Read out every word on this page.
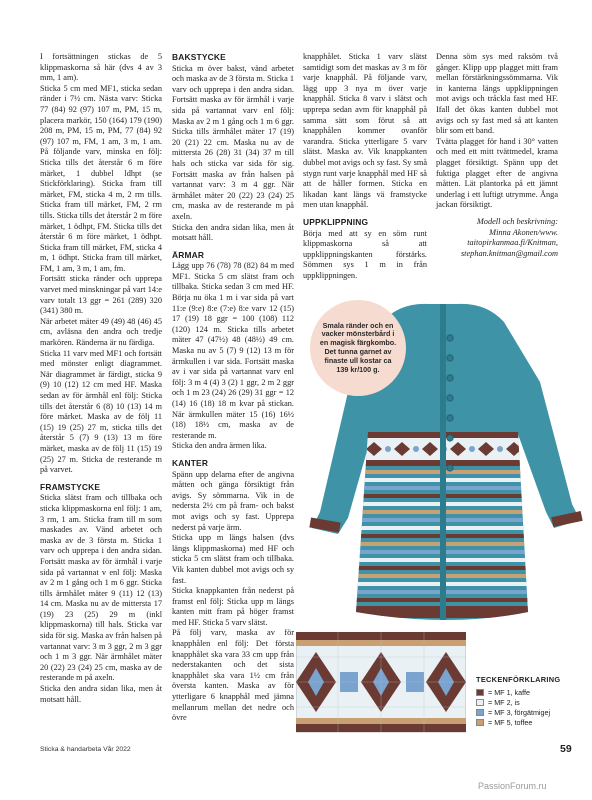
I fortsättningen stickas de 5 klippmaskorna så här (dvs 4 av 3 mm, 1 am).

Sticka 5 cm med MF1, sticka sedan ränder i 7½ cm. Nästa varv: Sticka 77 (84) 92 (97) 107 m, PM, 15 m, placera markör, 150 (164) 179 (190) 208 m, PM, 15 m, PM, 77 (84) 92 (97) 107 m, FM, 1 am, 3 m, 1 am. På följande varv, minska en följ: Sticka tills det återstår 6 m före märket, 1 dubbel ldhpt (se Stickförklaring). Sticka fram till märket, FM, sticka 4 m, 2 rm tills. Sticka fram till märket, FM, 2 rm tills. Sticka tills det återstår 2 m före märket, 1 ödhpt, FM. Sticka tills det återstår 6 m före märket, 1 ödhpt. Sticka fram till märket, FM, sticka 4 m, 1 ödhpt. Sticka fram till märket, FM, 1 am, 3 m, 1 am, fm.

Fortsätt sticka ränder och upprepa varvet med minskningar på vart 14:e varv totalt 13 ggr = 261 (289) 320 (341) 380 m.

När arbetet mäter 49 (49) 48 (46) 45 cm, avläsna den andra och tredje markören. Ränderna är nu färdiga.

Sticka 11 varv med MF1 och fortsätt med mönster enligt diagrammet. När diagrammet är färdigt, sticka 9 (9) 10 (12) 12 cm med HF. Maska sedan av för ärmhål enl följ: Sticka tills det återstår 6 (8) 10 (13) 14 m före märket. Maska av de följ 11 (15) 19 (25) 27 m, sticka tills det återstår 5 (7) 9 (13) 13 m före märket, maska av de följ 11 (15) 19 (25) 27 m. Sticka de resterande m på varvet.

FRAMSTYCKE

Sticka slätst fram och tillbaka och sticka klippmaskorna enl följ: 1 am, 3 rm, 1 am. Sticka fram till m som maskades av. Vänd arbetet och maska av de 3 första m. Sticka 1 varv och upprepa i den andra sidan. Fortsätt maska av för ärmhål i varje sida på vartannat v enl följ: Maska av 2 m 1 gång och 1 m 6 ggr. Sticka tills ärmhålet mäter 9 (11) 12 (13) 14 cm. Maska nu av de mittersta 17 (19) 23 (25) 29 m (inkl klippmaskorna) till hals. Sticka var sida för sig. Maska av från halsen på vartannat varv: 3 m 3 ggr, 2 m 3 ggr och 1 m 3 ggr. När ärmhålet mäter 20 (22) 23 (24) 25 cm, maska av de resterande m på axeln.

Sticka den andra sidan lika, men åt motsatt håll.

BAKSTYCKE

Sticka m över bakst, vänd arbetet och maska av de 3 första m. Sticka 1 varv och upprepa i den andra sidan. Fortsätt maska av för ärmhål i varje sida på vartannat varv enl följ: Maska av 2 m 1 gång och 1 m 6 ggr. Sticka tills ärmhålet mäter 17 (19) 20 (21) 22 cm. Maska nu av de mittersta 26 (28) 31 (34) 37 m till hals och sticka var sida för sig. Fortsätt maska av från halsen på vartannat varv: 3 m 4 ggr. När ärmhålet mäter 20 (22) 23 (24) 25 cm, maska av de resterande m på axeln.

Sticka den andra sidan lika, men åt motsatt håll.

ÄRMAR

Lägg upp 76 (78) 78 (82) 84 m med MF1. Sticka 5 cm slätst fram och tillbaka. Sticka sedan 3 cm med HF. Börja nu öka 1 m i var sida på vart 11:e (9:e) 8:e (7:e) 8:e varv 12 (15) 17 (19) 18 ggr = 100 (108) 112 (120) 124 m. Sticka tills arbetet mäter 47 (47½) 48 (48½) 49 cm. Maska nu av 5 (7) 9 (12) 13 m för ärmkullen i var sida. Fortsätt maska av i var sida på vartannat varv enl följ: 3 m 4 (4) 3 (2) 1 ggr, 2 m 2 ggr och 1 m 23 (24) 26 (29) 31 ggr = 12 (14) 16 (18) 18 m kvar på stickan. När ärmkullen mäter 15 (16) 16½ (18) 18½ cm, maska av de resterande m.

Sticka den andra ärmen lika.

KANTER

Spänn upp delarna efter de angivna måtten och gänga försiktigt från avigs. Sy sömmarna. Vik in de nedersta 2½ cm på fram- och bakst mot avigs och sy fast. Upprepa nederst på varje ärm.

Sticka upp m längs halsen (dvs längs klippmaskorna) med HF och sticka 5 cm slätst fram och tillbaka. Vik kanten dubbel mot avigs och sy fast.

Sticka knappkanten från nederst på framst enl följ: Sticka upp m längs kanten mitt fram på höger framst med HF. Sticka 5 varv slätst.

På följ varv, maska av för knapphålen enl följ: Det första knapphålet ska vara 33 cm upp från nederstakanten och det sista knapphålet ska vara 1½ cm från översta kanten. Maska av för ytterligare 6 knapphål med jämna mellanrum mellan det nedre och övre

knapphålet. Sticka 1 varv slätst samtidigt som det maskas av 3 m för varje knapphål. På följande varv, lägg upp 3 nya m över varje knapphål. Sticka 8 varv i slätst och upprepa sedan avm för knapphål på samma sätt som förut så att knapphålen kommer ovanför varandra. Sticka ytterligare 5 varv slätst. Maska av. Vik knappkanten dubbel mot avigs och sy fast. Sy små stygn runt varje knapphål med HF så att de håller formen. Sticka en likadan kant längs vä framstycke men utan knapphål.

UPPKLIPPNING

Börja med att sy en söm runt klippmaskorna så att uppklippningskanten förstärks. Sömmen sys 1 m in från uppklippningen.

Denna söm sys med raksöm två gånger. Klipp upp plagget mitt fram mellan förstärkningssömmarna. Vik in kanterna längs uppklippningen mot avigs och tråckla fast med HF. Ifall det ökas kanten dubbel mot avigs och sy fast med så att kanten blir som ett band.

Tvätta plagget för hand i 30° vatten och med ett mitt tvättmedel, krama plagget försiktigt. Spänn upp det fuktiga plagget efter de angivna måtten. Lät plantorka på ett jämnt underlag i ett luftigt utrymme. Ånga jackan försiktigt.

Modell och beskrivning:
Minna Akonen/www.
taitopirkanmaa.fi/Knitman,
stephan.knitman@gmail.com
Smala ränder och en vacker mönsterbård i en magisk färgkombo. Det tunna garnet av finaste ull kostar ca 139 kr/100 g.
TECKENFÖRKLARING
= MF 1, kaffe
= MF 2, is
= MF 3, förgätmigej
= MF 5, toffee
Sticka & handarbeta Vår 2022	59
PassionForum.ru
